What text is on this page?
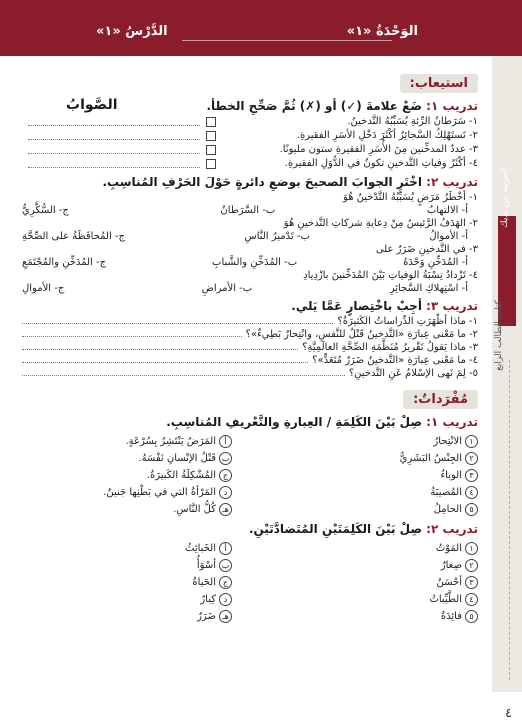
الوَحْدَةُ «١»
الدَّرْسُ «١»
العربية بين يديك
كتاب الطالب الرابع
٤
استيعاب:
تدريب ١: ضَعْ علامةَ (✓) أو (✗) ثُمَّ صَحِّحِ الخطأ.
١- سَرَطانُ الرِّئةِ يُسَبِّبُهُ التَّدخينُ.
٢- تَستَهْلِكُ السَّجائِرُ أكْثَرَ دَخْلِ الأسَرِ الفقيرةِ.
٣- عددُ المدخِّنين مِنَ الأُسَرِ الفقيرةِ ستون مليونًا.
٤- أكْثَرُ وفياتِ التَّدخينِ تكونُ في الدُّوَلِ الفقيرةِ.
الصَّوابُ
تدريب ٢: اخْتَرِ الجوابَ الصحيحَ بوضعِ دائرةٍ حَوْلَ الحَرْفِ المُناسِبِ.
١- أخْطَرُ مَرَضٍ يُسَبِّبُهُ التَّدْخينُ هُوَ
أ- الالتهابُ
ب- السَّرَطانُ
ج- السُّكَّرِيُّ
٢- الهَدَفُ الرَّئيسُ مِنْ دِعايةِ شركاتِ التَّدخينِ هُوَ
أ- الأموالُ
ب- تَدْميرُ النَّاسِ
ج- المُحافَظَةُ على الصِّحَّةِ
٣- في التَّدخينِ ضَرَرٌ على
أ- المُدَخِّنِ وَحْدَهُ
ب- المُدَخِّنِ والشَّبابِ
ج- المُدَخِّنِ والمُجْتَمَعِ
٤- تَزْدادُ نِسْبَةُ الوفياتِ بَيْنَ المُدَخِّنينَ بازْدِيادِ
أ- اسْتِهلاكِ السَّجائِرِ
ب- الأمراضِ
ج- الأموالِ
تدريب ٣: أجِبْ باخْتِصارٍ عَمَّا يَلي.
١- ماذا أظْهَرَتِ الدِّراساتُ الكَثيرَةُ؟
٢- ما مَعْنى عِبارَةِ «التَّدخينُ قَتْلٌ للنَّفسِ، وانْتِحارٌ بَطِيءٌ»؟
٣- ماذا يَقولُ تَقْريرُ مُنَظَّمَةِ الصِّحَّةِ العالَمِيَّةِ؟
٤- ما مَعْنى عِبارَةِ «التَّدخينُ ضَرَرٌ مُتَعَدٍّ»؟
٥- لِمَ نَهى الإسْلامُ عَنِ التَّدخينِ؟
مُفْرَداتٌ:
تدريب ١: صِلْ بَيْنَ الكَلِمَةِ / العِبارةِ والتَّعْريفِ المُناسِبِ.
١الانْتِحارُ
٢الجِنْسُ البَشَرِيُّ
٣الوباءُ
٤المُصيبَةُ
٥الحامِلُ
أالمَرَضُ يَنْتَشِرُ بِسُرْعَةٍ.
بقَتْلُ الإنْسانِ نَفْسَهُ.
جالمُشْكِلَةُ الكَبيرَةُ.
دالمَرْأةُ التي في بَطْنِها جَنينٌ.
هـكُلُّ النَّاسِ.
تدريب ٢: صِلْ بَيْنَ الكَلِمَتَيْنِ المُتَضادَّتَيْنِ.
١المَوْتُ
٢صِغارٌ
٣أحْسَنُ
٤الطَّيِّباتُ
٥فائِدَةٌ
أالخَبائِثُ
بأسْوَأُ
جالحَياةُ
دكِبارٌ
هـضَرَرٌ
